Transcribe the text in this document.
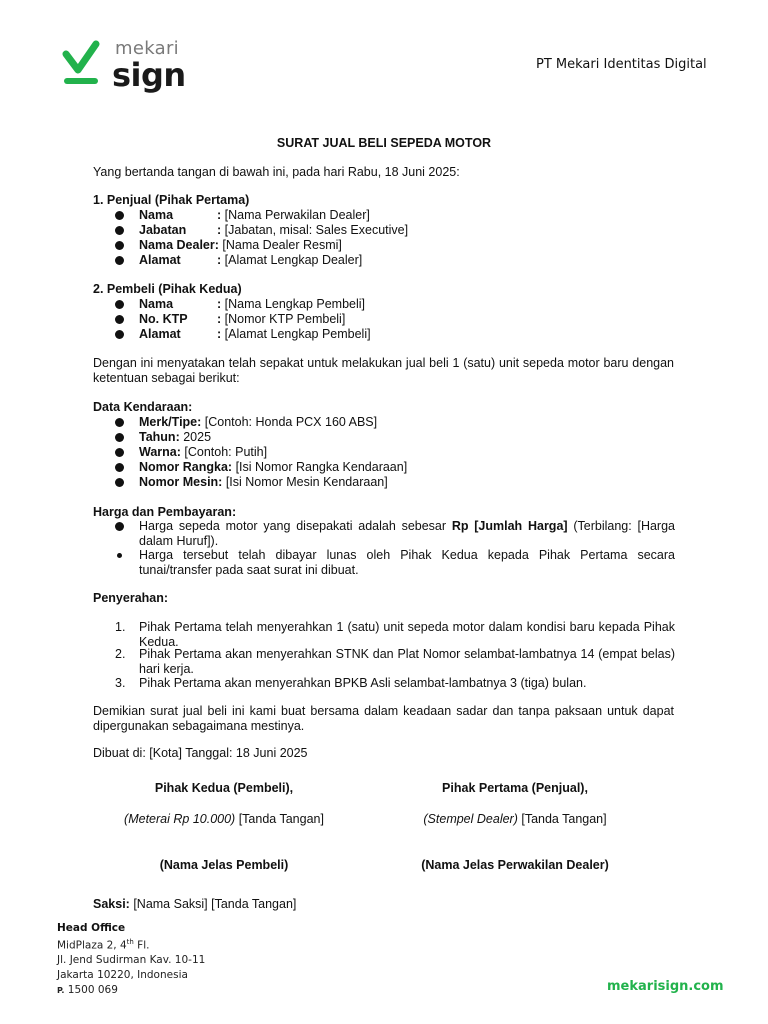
mekari
sign	PT Mekari Identitas Digital
SURAT JUAL BELI SEPEDA MOTOR
Yang bertanda tangan di bawah ini, pada hari Rabu, 18 Juni 2025:
1. Penjual (Pihak Pertama)
Nama	: [Nama Perwakilan Dealer]
Jabatan : [Jabatan, misal: Sales Executive]
Nama Dealer: [Nama Dealer Resmi]
Alamat	: [Alamat Lengkap Dealer]
2. Pembeli (Pihak Kedua)
Nama	: [Nama Lengkap Pembeli]
No. KTP : [Nomor KTP Pembeli]
Alamat	: [Alamat Lengkap Pembeli]
Dengan ini menyatakan telah sepakat untuk melakukan jual beli 1 (satu) unit sepeda motor baru dengan ketentuan sebagai berikut:
Data Kendaraan:
Merk/Tipe: [Contoh: Honda PCX 160 ABS]
Tahun: 2025
Warna: [Contoh: Putih]
Nomor Rangka: [Isi Nomor Rangka Kendaraan]
Nomor Mesin: [Isi Nomor Mesin Kendaraan]
Harga dan Pembayaran:
Harga sepeda motor yang disepakati adalah sebesar Rp [Jumlah Harga] (Terbilang: [Harga dalam Huruf]).
Harga tersebut telah dibayar lunas oleh Pihak Kedua kepada Pihak Pertama secara tunai/transfer pada saat surat ini dibuat.
Penyerahan:
1. Pihak Pertama telah menyerahkan 1 (satu) unit sepeda motor dalam kondisi baru kepada Pihak Kedua.
2. Pihak Pertama akan menyerahkan STNK dan Plat Nomor selambat-lambatnya 14 (empat belas) hari kerja.
3. Pihak Pertama akan menyerahkan BPKB Asli selambat-lambatnya 3 (tiga) bulan.
Demikian surat jual beli ini kami buat bersama dalam keadaan sadar dan tanpa paksaan untuk dapat dipergunakan sebagaimana mestinya.
Dibuat di: [Kota] Tanggal: 18 Juni 2025
Pihak Kedua (Pembeli),	Pihak Pertama (Penjual),
(Meterai Rp 10.000) [Tanda Tangan]	(Stempel Dealer) [Tanda Tangan]
(Nama Jelas Pembeli)	(Nama Jelas Perwakilan Dealer)
Saksi: [Nama Saksi] [Tanda Tangan]
Head Office
MidPlaza 2, 4th Fl.
Jl. Jend Sudirman Kav. 10-11
Jakarta 10220, Indonesia
P. 1500 069	mekarisign.com
